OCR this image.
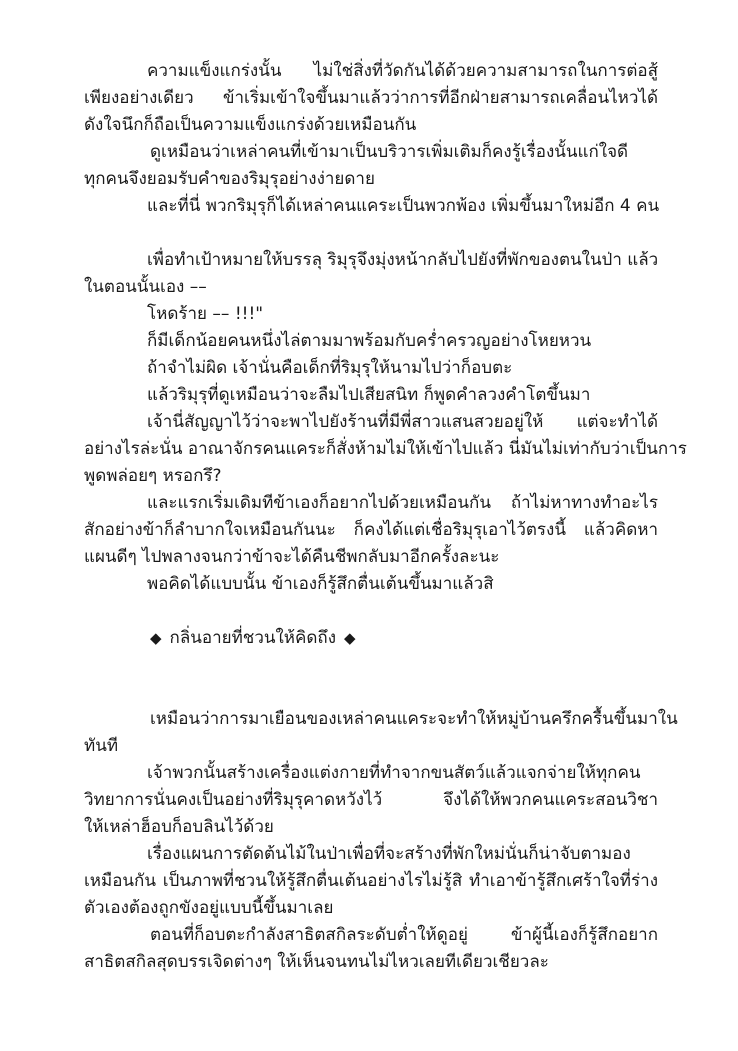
ความแข็งแกร่งนั้น ไม่ใช่สิ่งที่วัดกันได้ด้วยความสามารถในการต่อสู้
เพียงอย่างเดียว ข้าเริ่มเข้าใจขึ้นมาแล้วว่าการที่อีกฝ่ายสามารถเคลื่อนไหวได้
ดังใจนึกก็ถือเป็นความแข็งแกร่งด้วยเหมือนกัน
ดูเหมือนว่าเหล่าคนที่เข้ามาเป็นบริวารเพิ่มเติมก็คงรู้เรื่องนั้นแก่ใจดี
ทุกคนจึงยอมรับคำของริมุรุอย่างง่ายดาย
และที่นี่ พวกริมุรุก็ได้เหล่าคนแคระเป็นพวกพ้อง เพิ่มขึ้นมาใหม่อีก 4 คน
เพื่อทำเป้าหมายให้บรรลุ ริมุรุจึงมุ่งหน้ากลับไปยังที่พักของตนในป่า แล้ว
ในตอนนั้นเอง ––
โหดร้าย –– !!!"
ก็มีเด็กน้อยคนหนึ่งไล่ตามมาพร้อมกับคร่ำครวญอย่างโหยหวน
ถ้าจำไม่ผิด เจ้านั่นคือเด็กที่ริมุรุให้นามไปว่าก็อบตะ
แล้วริมุรุที่ดูเหมือนว่าจะลืมไปเสียสนิท ก็พูดคำลวงคำโตขึ้นมา
เจ้านี่สัญญาไว้ว่าจะพาไปยังร้านที่มีพี่สาวแสนสวยอยู่ให้ แต่จะทำได้
อย่างไรล่ะนั่น อาณาจักรคนแคระก็สั่งห้ามไม่ให้เข้าไปแล้ว นี่มันไม่เท่ากับว่าเป็นการ
พูดพล่อยๆ หรอกรึ?
และแรกเริ่มเดิมทีข้าเองก็อยากไปด้วยเหมือนกัน ถ้าไม่หาทางทำอะไร
สักอย่างข้าก็ลำบากใจเหมือนกันนะ ก็คงได้แต่เชื่อริมุรุเอาไว้ตรงนี้ แล้วคิดหา
แผนดีๆ ไปพลางจนกว่าข้าจะได้คืนชีพกลับมาอีกครั้งละนะ
พอคิดได้แบบนั้น ข้าเองก็รู้สึกตื่นเต้นขึ้นมาแล้วสิ
◆ กลิ่นอายที่ชวนให้คิดถึง ◆
เหมือนว่าการมาเยือนของเหล่าคนแคระจะทำให้หมู่บ้านครึกครื้นขึ้นมาใน
ทันที
เจ้าพวกนั้นสร้างเครื่องแต่งกายที่ทำจากขนสัตว์แล้วแจกจ่ายให้ทุกคน
วิทยาการนั่นคงเป็นอย่างที่ริมุรุคาดหวังไว้ จึงได้ให้พวกคนแคระสอนวิชา
ให้เหล่าฮ็อบก็อบลินไว้ด้วย
เรื่องแผนการตัดต้นไม้ในป่าเพื่อที่จะสร้างที่พักใหม่นั่นก็น่าจับตามอง
เหมือนกัน เป็นภาพที่ชวนให้รู้สึกตื่นเต้นอย่างไรไม่รู้สิ ทำเอาข้ารู้สึกเศร้าใจที่ร่าง
ตัวเองต้องถูกขังอยู่แบบนี้ขึ้นมาเลย
ตอนที่ก็อบตะกำลังสาธิตสกิลระดับต่ำให้ดูอยู่ ข้าผู้นี้เองก็รู้สึกอยาก
สาธิตสกิลสุดบรรเจิดต่างๆ ให้เห็นจนทนไม่ไหวเลยทีเดียวเชียวละ
